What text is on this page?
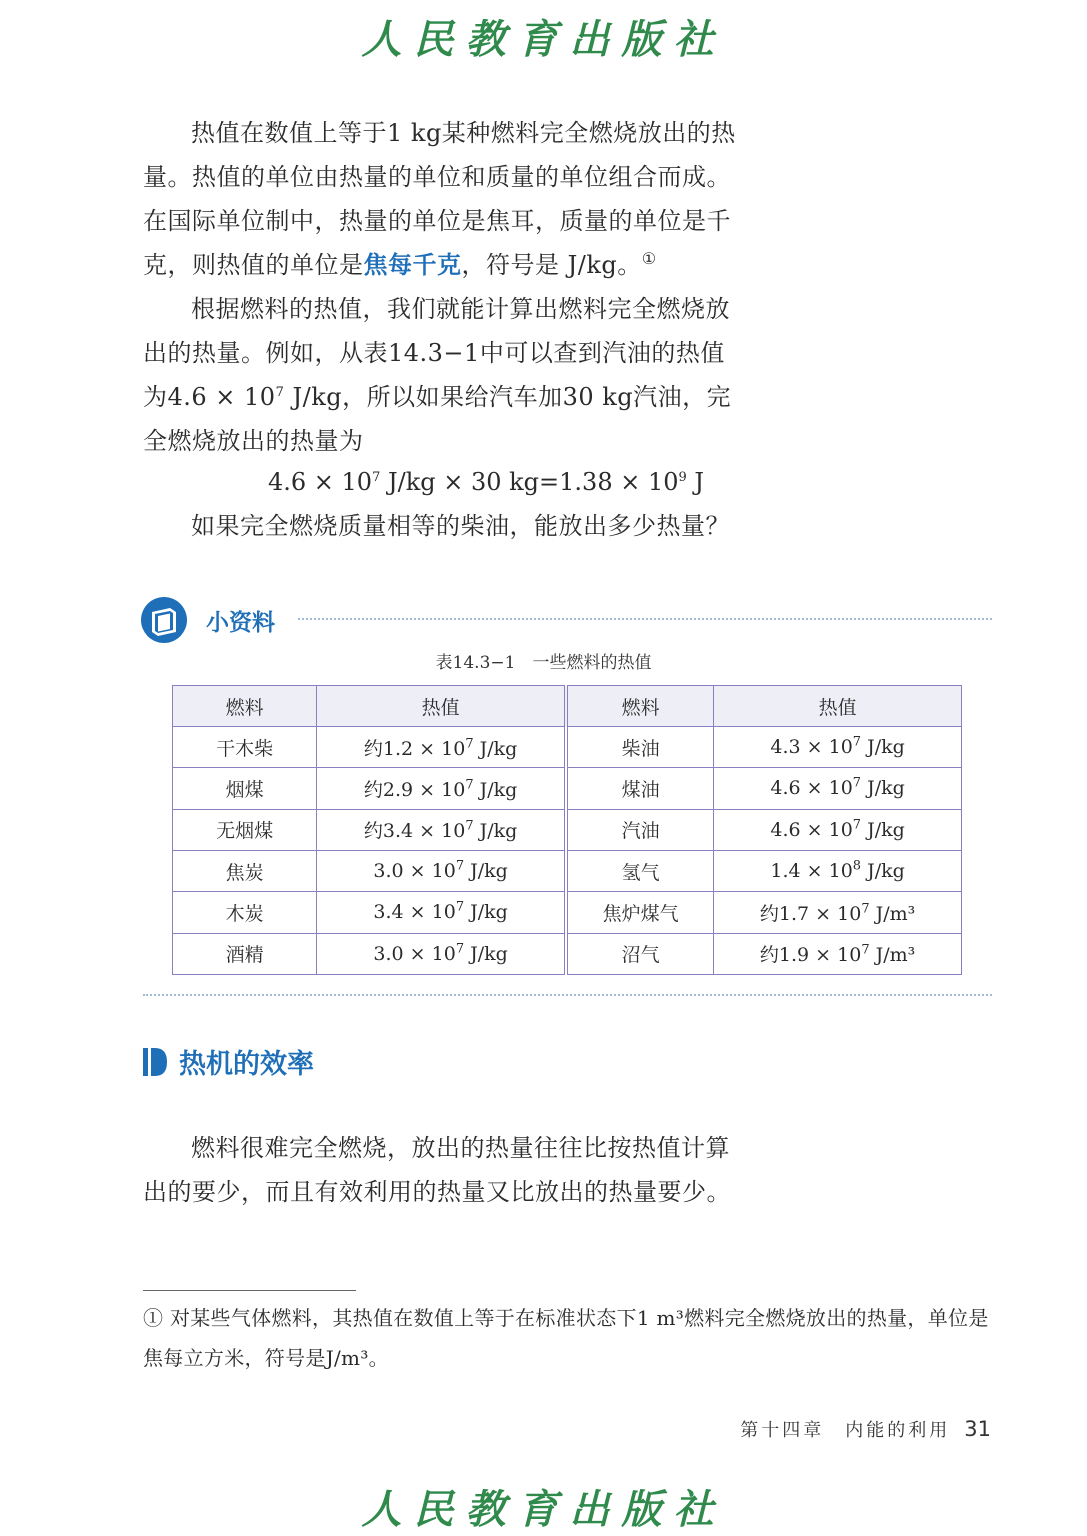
人民教育出版社

热值在数值上等于1 kg某种燃料完全燃烧放出的热量。热值的单位由热量的单位和质量的单位组合而成。在国际单位制中，热量的单位是焦耳，质量的单位是千克，则热值的单位是焦每千克，符号是 J/kg。①

根据燃料的热值，我们就能计算出燃料完全燃烧放出的热量。例如，从表14.3−1中可以查到汽油的热值为$4.6 \times 10^7$ J/kg，所以如果给汽车加30 kg汽油，完全燃烧放出的热量为

$4.6 \times 10^7$ J/kg × 30 $kg=1.38 \times 10^9$ J

如果完全燃烧质量相等的柴油，能放出多少热量？

小资料
表14.3−1　一些燃料的热值
燃料	热值	燃料	热值
干木柴	约$1.2 \times 10^7$ J/kg	柴油	$4.3 \times 10^7$ J/kg
烟煤	约$2.9 \times 10^7$ J/kg	煤油	$4.6 \times 10^7$ J/kg
无烟煤	约$3.4 \times 10^7$ J/kg	汽油	$4.6 \times 10^7$ J/kg
焦炭	$3.0 \times 10^7$ J/kg	氢气	$1.4 \times 10^8$ J/kg
木炭	$3.4 \times 10^7$ J/kg	焦炉煤气	约$1.7 \times 10^7$ J/m³
酒精	$3.0 \times 10^7$ J/kg	沼气	约$1.9 \times 10^7$ J/m³
热机的效率

燃料很难完全燃烧，放出的热量往往比按热值计算出的要少，而且有效利用的热量又比放出的热量要少。

① 对某些气体燃料，其热值在数值上等于在标准状态下1 m³燃料完全燃烧放出的热量，单位是焦每立方米，符号是J/m³。
第十四章　内能的利用 31
人民教育出版社
